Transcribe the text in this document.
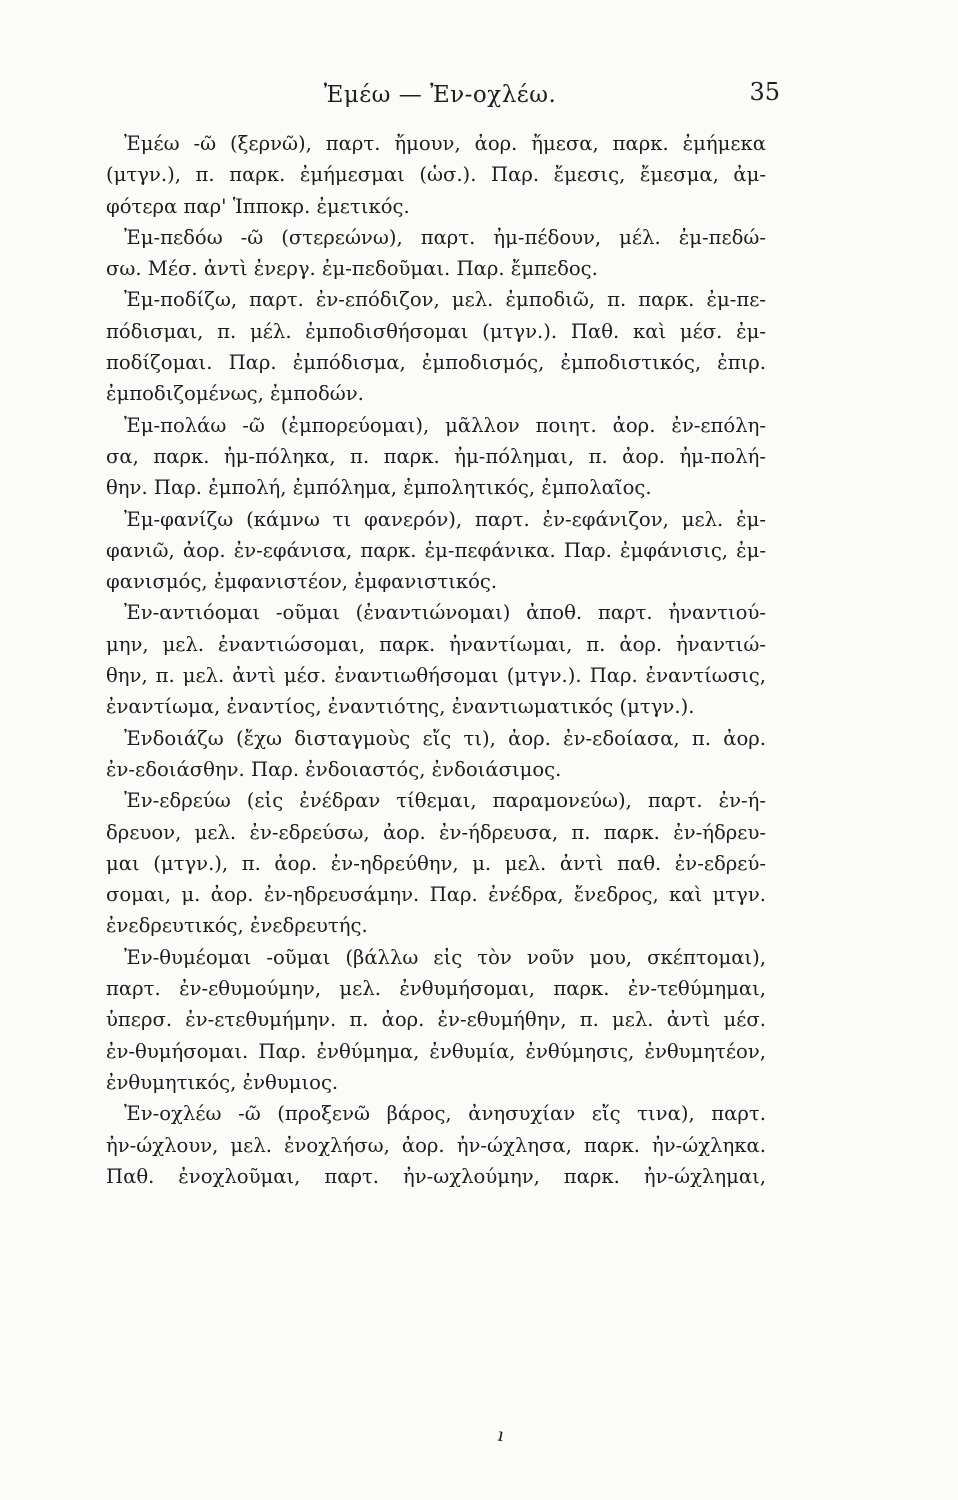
Ἐμέω — Ἐν-οχλέω.	35
Ἐμέω -ῶ (ξερνῶ), παρτ. ἤμουν, ἀορ. ἤμεσα, παρκ. ἐμήμεκα
(μτγν.), π. παρκ. ἐμήμεσμαι (ὡσ.). Παρ. ἔμεσις, ἔμεσμα, ἀμ-
φότερα παρ' Ἱπποκρ. ἐμετικός.
Ἐμ-πεδόω -ῶ (στερεώνω), παρτ. ἠμ-πέδουν, μέλ. ἐμ-πεδώ-
σω. Μέσ. ἀντὶ ἐνεργ. ἐμ-πεδοῦμαι. Παρ. ἔμπεδος.
Ἐμ-ποδίζω, παρτ. ἐν-επόδιζον, μελ. ἐμποδιῶ, π. παρκ. ἐμ-πε-
πόδισμαι, π. μέλ. ἐμποδισθήσομαι (μτγν.). Παθ. καὶ μέσ. ἐμ-
ποδίζομαι. Παρ. ἐμπόδισμα, ἐμποδισμός, ἐμποδιστικός, ἐπιρ.
ἐμποδιζομένως, ἐμποδών.
Ἐμ-πολάω -ῶ (ἐμπορεύομαι), μᾶλλον ποιητ. ἀορ. ἐν-επόλη-
σα, παρκ. ἠμ-πόληκα, π. παρκ. ἠμ-πόλημαι, π. ἀορ. ἠμ-πολή-
θην. Παρ. ἐμπολή, ἐμπόλημα, ἐμπολητικός, ἐμπολαῖος.
Ἐμ-φανίζω (κάμνω τι φανερόν), παρτ. ἐν-εφάνιζον, μελ. ἐμ-
φανιῶ, ἀορ. ἐν-εφάνισα, παρκ. ἐμ-πεφάνικα. Παρ. ἐμφάνισις, ἐμ-
φανισμός, ἐμφανιστέον, ἐμφανιστικός.
Ἐν-αντιόομαι -οῦμαι (ἐναντιώνομαι) ἀποθ. παρτ. ἠναντιού-
μην, μελ. ἐναντιώσομαι, παρκ. ἠναντίωμαι, π. ἀορ. ἠναντιώ-
θην, π. μελ. ἀντὶ μέσ. ἐναντιωθήσομαι (μτγν.). Παρ. ἐναντίωσις,
ἐναντίωμα, ἐναντίος, ἐναντιότης, ἐναντιωματικός (μτγν.).
Ἐνδοιάζω (ἔχω δισταγμοὺς εἴς τι), ἀορ. ἐν-εδοίασα, π. ἀορ.
ἐν-εδοιάσθην. Παρ. ἐνδοιαστός, ἐνδοιάσιμος.
Ἐν-εδρεύω (εἰς ἐνέδραν τίθεμαι, παραμονεύω), παρτ. ἐν-ή-
δρευον, μελ. ἐν-εδρεύσω, ἀορ. ἐν-ήδρευσα, π. παρκ. ἐν-ήδρευ-
μαι (μτγν.), π. ἀορ. ἐν-ηδρεύθην, μ. μελ. ἀντὶ παθ. ἐν-εδρεύ-
σομαι, μ. ἀορ. ἐν-ηδρευσάμην. Παρ. ἐνέδρα, ἔνεδρος, καὶ μτγν.
ἐνεδρευτικός, ἐνεδρευτής.
Ἐν-θυμέομαι -οῦμαι (βάλλω εἰς τὸν νοῦν μου, σκέπτομαι),
παρτ. ἐν-εθυμούμην, μελ. ἐνθυμήσομαι, παρκ. ἐν-τεθύμημαι,
ὑπερσ. ἐν-ετεθυμήμην. π. ἀορ. ἐν-εθυμήθην, π. μελ. ἀντὶ μέσ.
ἐν-θυμήσομαι. Παρ. ἐνθύμημα, ἐνθυμία, ἐνθύμησις, ἐνθυμητέον,
ἐνθυμητικός, ἐνθυμιος.
Ἐν-οχλέω -ῶ (προξενῶ βάρος, ἀνησυχίαν εἴς τινα), παρτ.
ἠν-ώχλουν, μελ. ἐνοχλήσω, ἀορ. ἠν-ώχλησα, παρκ. ἠν-ώχληκα.
Παθ. ἐνοχλοῦμαι, παρτ. ἠν-ωχλούμην, παρκ. ἠν-ώχλημαι,
ı
